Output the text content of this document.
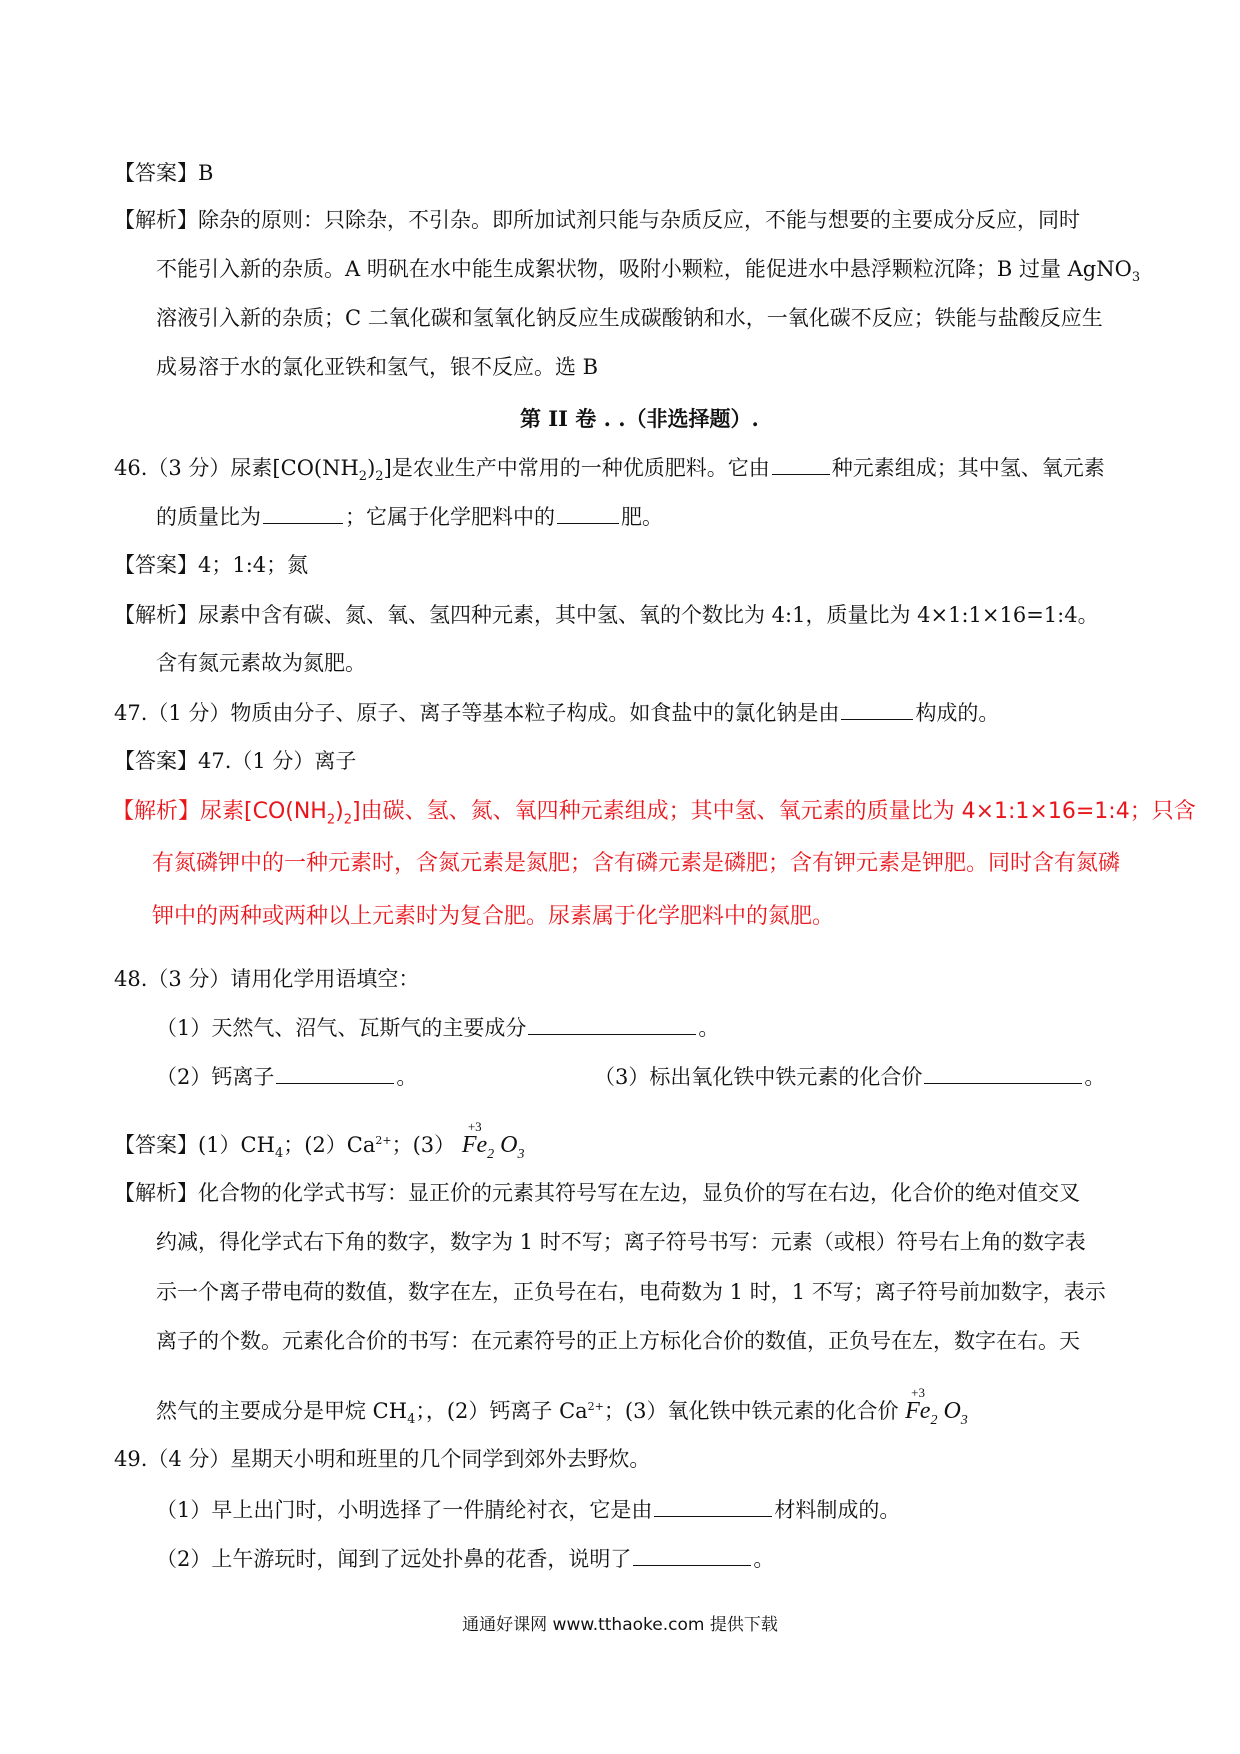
【答案】B
【解析】除杂的原则：只除杂，不引杂。即所加试剂只能与杂质反应，不能与想要的主要成分反应，同时
不能引入新的杂质。A 明矾在水中能生成絮状物，吸附小颗粒，能促进水中悬浮颗粒沉降；B 过量 AgNO$_3$
溶液引入新的杂质；C 二氧化碳和氢氧化钠反应生成碳酸钠和水，一氧化碳不反应；铁能与盐酸反应生
成易溶于水的氯化亚铁和氢气，银不反应。选 B
第 II 卷 . .（非选择题）.
46.（3 分）尿素$[CO(NH_2)_2]$是农业生产中常用的一种优质肥料。它由	种元素组成；其中氢、氧元素
的质量比为	；它属于化学肥料中的	肥。
【答案】4；1:4；氮
【解析】尿素中含有碳、氮、氧、氢四种元素，其中氢、氧的个数比为 4:1，质量比为 4×1:1×16=1:4。
含有氮元素故为氮肥。
47.（1 分）物质由分子、原子、离子等基本粒子构成。如食盐中的氯化钠是由	构成的。
【答案】47.（1 分）离子
【解析】尿素$[CO(NH_2)_2]$由碳、氢、氮、氧四种元素组成；其中氢、氧元素的质量比为 4×1:1×16=1:4；只含
有氮磷钾中的一种元素时，含氮元素是氮肥；含有磷元素是磷肥；含有钾元素是钾肥。同时含有氮磷
钾中的两种或两种以上元素时为复合肥。尿素属于化学肥料中的氮肥。
48.（3 分）请用化学用语填空：
（1）天然气、沼气、瓦斯气的主要成分	。
（2）钙离子	。	（3）标出氧化铁中铁元素的化合价	。
【答案】$(1)CH_4$；$(2)Ca^{2+}$；(3）
+3
$Fe_2$ $O_3$
【解析】化合物的化学式书写：显正价的元素其符号写在左边，显负价的写在右边，化合价的绝对值交叉
约减，得化学式右下角的数字，数字为 1 时不写；离子符号书写：元素（或根）符号右上角的数字表
示一个离子带电荷的数值，数字在左，正负号在右，电荷数为 1 时，1 不写；离子符号前加数字，表示
离子的个数。元素化合价的书写：在元素符号的正上方标化合价的数值，正负号在左，数字在右。天
然气的主要成分是甲烷 $CH_4$；，(2）钙离子 $Ca^{2+}$；(3）氧化铁中铁元素的化合价
+3
$Fe_2$ $O_3$
49.（4 分）星期天小明和班里的几个同学到郊外去野炊。
（1）早上出门时，小明选择了一件腈纶衬衣，它是由	材料制成的。
（2）上午游玩时，闻到了远处扑鼻的花香，说明了	。
通通好课网 www.tthaoke.com 提供下载
